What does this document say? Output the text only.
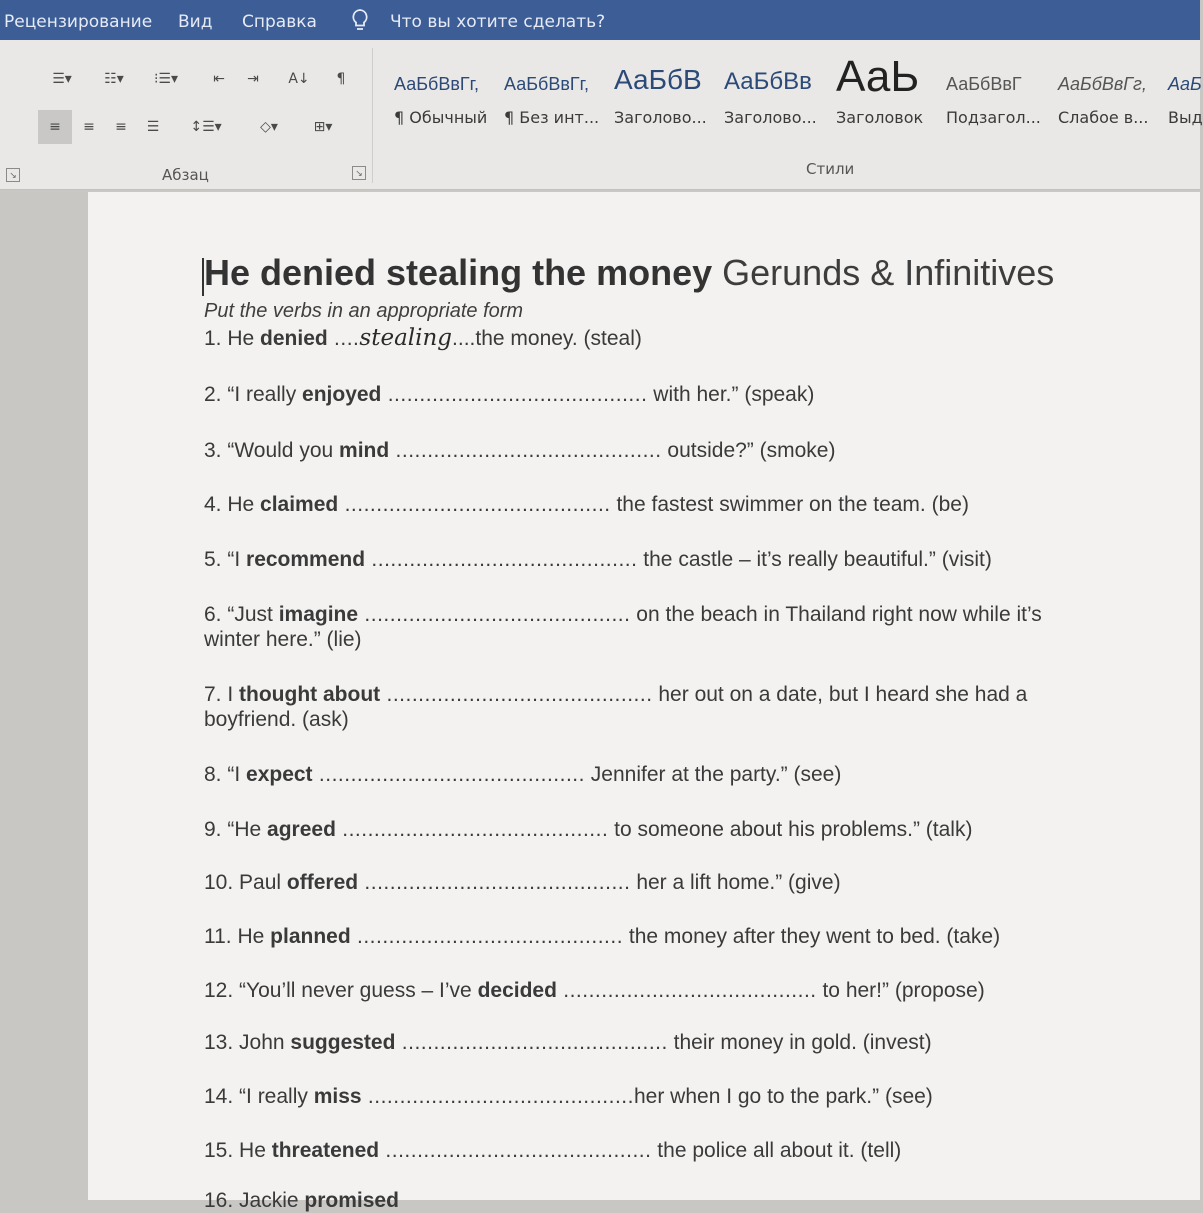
Рецензирование Вид Справка	Что вы хотите сделать?
☰▾	☷▾	⁝☰▾	⇤	⇥	A↓	¶
≡	≡	≡	☰	↕☰▾	◇▾	⊞▾
↘	Абзац	↘
АаБбВвГг,
¶ Обычный
АаБбВвГг,
¶ Без инт...
АаБбВ
Заголово...
АаБбВв
Заголово...
АаЬ
Заголовок
АаБбВвГ
Подзагол...
АаБбВвГг,
Слабое в...
АаБ
Выд
Стили
He denied stealing the money Gerunds & Infinitives
Put the verbs in an appropriate form
1. He denied ....stealing....the money. (steal)
2. “I really enjoyed ......................................... with her.” (speak)
3. “Would you mind .......................................... outside?” (smoke)
4. He claimed .......................................... the fastest swimmer on the team. (be)
5. “I recommend .......................................... the castle – it’s really beautiful.” (visit)
6. “Just imagine .......................................... on the beach in Thailand right now while it’s
winter here.” (lie)
7. I thought about .......................................... her out on a date, but I heard she had a
boyfriend. (ask)
8. “I expect .......................................... Jennifer at the party.” (see)
9. “He agreed .......................................... to someone about his problems.” (talk)
10. Paul offered .......................................... her a lift home.” (give)
11. He planned .......................................... the money after they went to bed. (take)
12. “You’ll never guess – I’ve decided ........................................ to her!” (propose)
13. John suggested .......................................... their money in gold. (invest)
14. “I really miss ..........................................her when I go to the park.” (see)
15. He threatened .......................................... the police all about it. (tell)
16. Jackie promised
